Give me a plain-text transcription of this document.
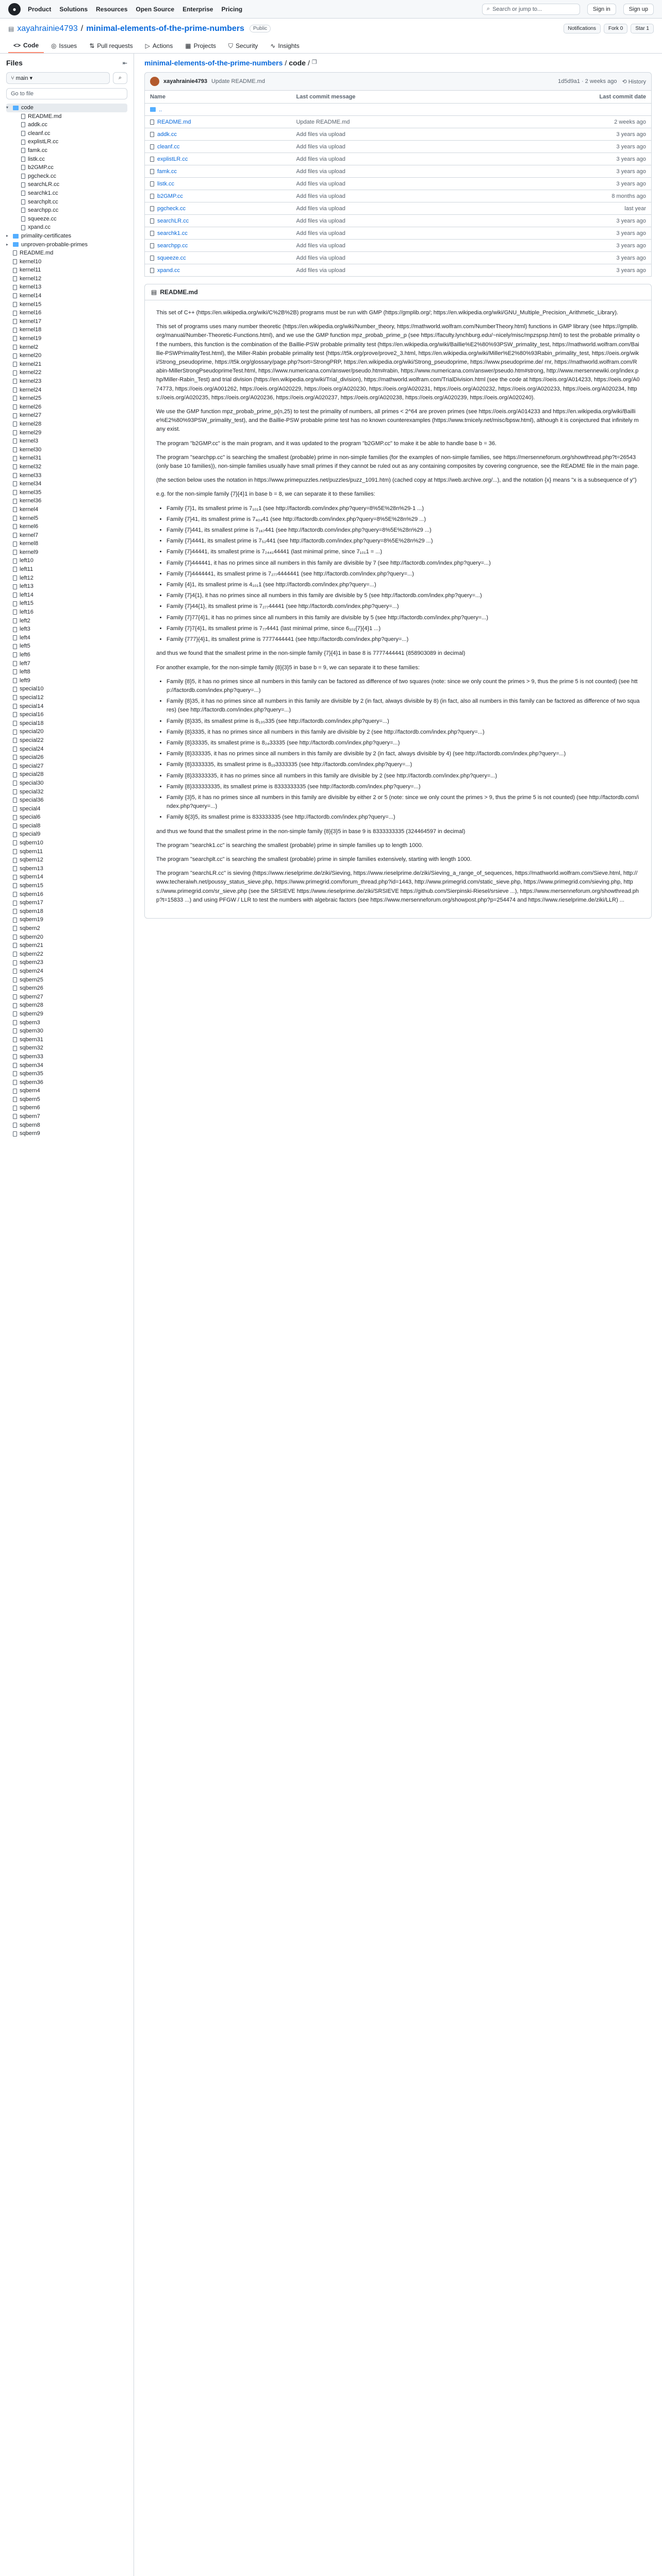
●	Product Solutions Resources Open Source Enterprise Pricing	⌕ Search or jump to...	Sign in	Sign up
▤ xayahrainie4793 / minimal-elements-of-the-prime-numbers	Public	Notifications	Fork 0	Star 1
<> Code ◎ Issues ⇅ Pull requests ▷ Actions ▦ Projects ⛉ Security ∿ Insights
Files	⇤
⑂ main ▾	⌕
Go to file
▾	code
README.md
addk.cc
cleanf.cc
explistLR.cc
famk.cc
listk.cc
b2GMP.cc
pgcheck.cc
searchLR.cc
searchk1.cc
searchplt.cc
searchpp.cc
squeeze.cc
xpand.cc
▸	primality-certificates
▸	unproven-probable-primes
README.md
kernel10
kernel11
kernel12
kernel13
kernel14
kernel15
kernel16
kernel17
kernel18
kernel19
kernel2
kernel20
kernel21
kernel22
kernel23
kernel24
kernel25
kernel26
kernel27
kernel28
kernel29
kernel3
kernel30
kernel31
kernel32
kernel33
kernel34
kernel35
kernel36
kernel4
kernel5
kernel6
kernel7
kernel8
kernel9
left10
left11
left12
left13
left14
left15
left16
left2
left3
left4
left5
left6
left7
left8
left9
special10
special12
special14
special16
special18
special20
special22
special24
special26
special27
special28
special30
special32
special36
special4
special6
special8
special9
sqbern10
sqbern11
sqbern12
sqbern13
sqbern14
sqbern15
sqbern16
sqbern17
sqbern18
sqbern19
sqbern2
sqbern20
sqbern21
sqbern22
sqbern23
sqbern24
sqbern25
sqbern26
sqbern27
sqbern28
sqbern29
sqbern3
sqbern30
sqbern31
sqbern32
sqbern33
sqbern34
sqbern35
sqbern36
sqbern4
sqbern5
sqbern6
sqbern7
sqbern8
sqbern9
minimal-elements-of-the-prime-numbers / code / ❐
xayahrainie4793 Update README.md	1d5d9a1 · 2 weeks ago ⟲ History
Name	Last commit message	Last commit date

..		

README.md	Update README.md	2 weeks ago

addk.cc	Add files via upload	3 years ago

cleanf.cc	Add files via upload	3 years ago

explistLR.cc	Add files via upload	3 years ago

famk.cc	Add files via upload	3 years ago

listk.cc	Add files via upload	3 years ago

b2GMP.cc	Add files via upload	8 months ago

pgcheck.cc	Add files via upload	last year

searchLR.cc	Add files via upload	3 years ago

searchk1.cc	Add files via upload	3 years ago

searchpp.cc	Add files via upload	3 years ago

squeeze.cc	Add files via upload	3 years ago

xpand.cc	Add files via upload	3 years ago
▤ README.md

This set of C++ (https://en.wikipedia.org/wiki/C%2B%2B) programs must be run with GMP (https://gmplib.org/; https://en.wikipedia.org/wiki/GNU_Multiple_Precision_Arithmetic_Library).

This set of programs uses many number theoretic (https://en.wikipedia.org/wiki/Number_theory, https://mathworld.wolfram.com/NumberTheory.html) functions in GMP library (see https://gmplib.org/manual/Number-Theoretic-Functions.html), and we use the GMP function mpz_probab_prime_p (see https://faculty.lynchburg.edu/~nicely/misc/mpzspsp.html) to test the probable primality of the numbers, this function is the combination of the Baillie-PSW probable primality test (https://en.wikipedia.org/wiki/Baillie%E2%80%93PSW_primality_test, https://mathworld.wolfram.com/Baillie-PSWPrimalityTest.html), the Miller-Rabin probable primality test (https://t5k.org/prove/prove2_3.html, https://en.wikipedia.org/wiki/Miller%E2%80%93Rabin_primality_test, https://oeis.org/wiki/Strong_pseudoprime, https://t5k.org/glossary/page.php?sort=StrongPRP, https://en.wikipedia.org/wiki/Strong_pseudoprime, https://www.pseudoprime.de/ rnr, https://mathworld.wolfram.com/Rabin-MillerStrongPseudoprimeTest.html, https://www.numericana.com/answer/pseudo.htm#rabin, https://www.numericana.com/answer/pseudo.htm#strong, http://www.mersennewiki.org/index.php/Miller-Rabin_Test) and trial division (https://en.wikipedia.org/wiki/Trial_division), https://mathworld.wolfram.com/TrialDivision.html (see the code at https://oeis.org/A014233, https://oeis.org/A074773, https://oeis.org/A001262, https://oeis.org/A020229, https://oeis.org/A020230, https://oeis.org/A020231, https://oeis.org/A020232, https://oeis.org/A020233, https://oeis.org/A020234, https://oeis.org/A020235, https://oeis.org/A020236, https://oeis.org/A020237, https://oeis.org/A020238, https://oeis.org/A020239, https://oeis.org/A020240).

We use the GMP function mpz_probab_prime_p(n,25) to test the primality of numbers, all primes < 2^64 are proven primes (see https://oeis.org/A014233 and https://en.wikipedia.org/wiki/Baillie%E2%80%93PSW_primality_test), and the Baillie-PSW probable prime test has no known counterexamples (https://www.trnicely.net/misc/bpsw.html), although it is conjectured that infinitely many exist.

The program "b2GMP.cc" is the main program, and it was updated to the program "b2GMP.cc" to make it be able to handle base b = 36.

The program "searchpp.cc" is searching the smallest (probable) prime in non-simple families (for the examples of non-simple families, see https://mersenneforum.org/showthread.php?t=26543 (only base 10 families)), non-simple families usually have small primes if they cannot be ruled out as any containing composites by covering congruence, see the README file in the main page.

(the section below uses the notation in https://www.primepuzzles.net/puzzles/puzz_1091.htm) (cached copy at https://web.archive.org/...), and the notation {x} means "x is a subsequence of y")

e.g. for the non-simple family {7}{4}1 in base b = 8, we can separate it to these families:

• Family {7}1, its smallest prime is 7₁₀₁1 (see http://factordb.com/index.php?query=8%5E%28n%29-1 ...)
• Family {7}41, its smallest prime is 7₄₀₄41 (see http://factordb.com/index.php?query=8%5E%28n%29 ...)
• Family {7}441, its smallest prime is 7₁₆₇441 (see http://factordb.com/index.php?query=8%5E%28n%29 ...)
• Family {7}4441, its smallest prime is 7₅₂441 (see http://factordb.com/index.php?query=8%5E%28n%29 ...)
• Family {7}44441, its smallest prime is 7₂₄₄₁44441 (last minimal prime, since 7₁₀₁1 = ...)
• Family {7}444441, it has no primes since all numbers in this family are divisible by 7 (see http://factordb.com/index.php?query=...)
• Family {7}4444441, its smallest prime is 7₂₇₇4444441 (see http://factordb.com/index.php?query=...)
• Family {4}1, its smallest prime is 4₁₀₁1 (see http://factordb.com/index.php?query=...)
• Family {7}4{1}, it has no primes since all numbers in this family are divisible by 5 (see http://factordb.com/index.php?query=...)
• Family {7}44{1}, its smallest prime is 7₂₇₇44441 (see http://factordb.com/index.php?query=...)
• Family {7}77{4}1, it has no primes since all numbers in this family are divisible by 5 (see http://factordb.com/index.php?query=...)
• Family {7}7{4}1, its smallest prime is 7₇₇4441 (last minimal prime, since 6₁₀₁{7}{4}1 ...)
• Family {777}{4}1, its smallest prime is 7777444441 (see http://factordb.com/index.php?query=...)

and thus we found that the smallest prime in the non-simple family {7}{4}1 in base 8 is 7777444441 (858903089 in decimal)

For another example, for the non-simple family {8}{3}5 in base b = 9, we can separate it to these families:

• Family {8}5, it has no primes since all numbers in this family can be factored as difference of two squares (note: since we only count the primes > 9, thus the prime 5 is not counted) (see http://factordb.com/index.php?query=...)
• Family {8}35, it has no primes since all numbers in this family are divisible by 2 (in fact, always divisible by 8) (in fact, also all numbers in this family can be factored as difference of two squares) (see http://factordb.com/index.php?query=...)
• Family {8}335, its smallest prime is 8₁₃₅335 (see http://factordb.com/index.php?query=...)
• Family {8}3335, it has no primes since all numbers in this family are divisible by 2 (see http://factordb.com/index.php?query=...)
• Family {8}33335, its smallest prime is 8₂₄33335 (see http://factordb.com/index.php?query=...)
• Family {8}333335, it has no primes since all numbers in this family are divisible by 2 (in fact, always divisible by 4) (see http://factordb.com/index.php?query=...)
• Family {8}3333335, its smallest prime is 8₁₉3333335 (see http://factordb.com/index.php?query=...)
• Family {8}33333335, it has no primes since all numbers in this family are divisible by 2 (see http://factordb.com/index.php?query=...)
• Family {8}333333335, its smallest prime is 8333333335 (see http://factordb.com/index.php?query=...)
• Family {3}5, it has no primes since all numbers in this family are divisible by either 2 or 5 (note: since we only count the primes > 9, thus the prime 5 is not counted) (see http://factordb.com/index.php?query=...)
• Family 8{3}5, its smallest prime is 833333335 (see http://factordb.com/index.php?query=...)

and thus we found that the smallest prime in the non-simple family {8}{3}5 in base 9 is 8333333335 (324464597 in decimal)

The program "searchk1.cc" is searching the smallest (probable) prime in simple families up to length 1000.

The program "searchplt.cc" is searching the smallest (probable) prime in simple families extensively, starting with length 1000.

The program "searchLR.cc" is sieving (https://www.rieselprime.de/ziki/Sieving, https://www.rieselprime.de/ziki/Sieving_a_range_of_sequences, https://mathworld.wolfram.com/Sieve.html, http://www.techeraiwh.net/poussy_status_sieve.php, https://www.primegrid.com/forum_thread.php?id=1443, http://www.primegrid.com/static_sieve.php, https://www.primegrid.com/sieving.php, https://www.primegrid.com/sr_sieve.php (see the SRSIEVE https://www.rieselprime.de/ziki/SRSIEVE https://github.com/Sierpinski-Riesel/srsieve ...), https://www.mersenneforum.org/showthread.php?t=15833 ...) and using PFGW / LLR to test the numbers with algebraic factors (see https://www.mersenneforum.org/showpost.php?p=254474 and https://www.rieselprime.de/ziki/LLR) ...
